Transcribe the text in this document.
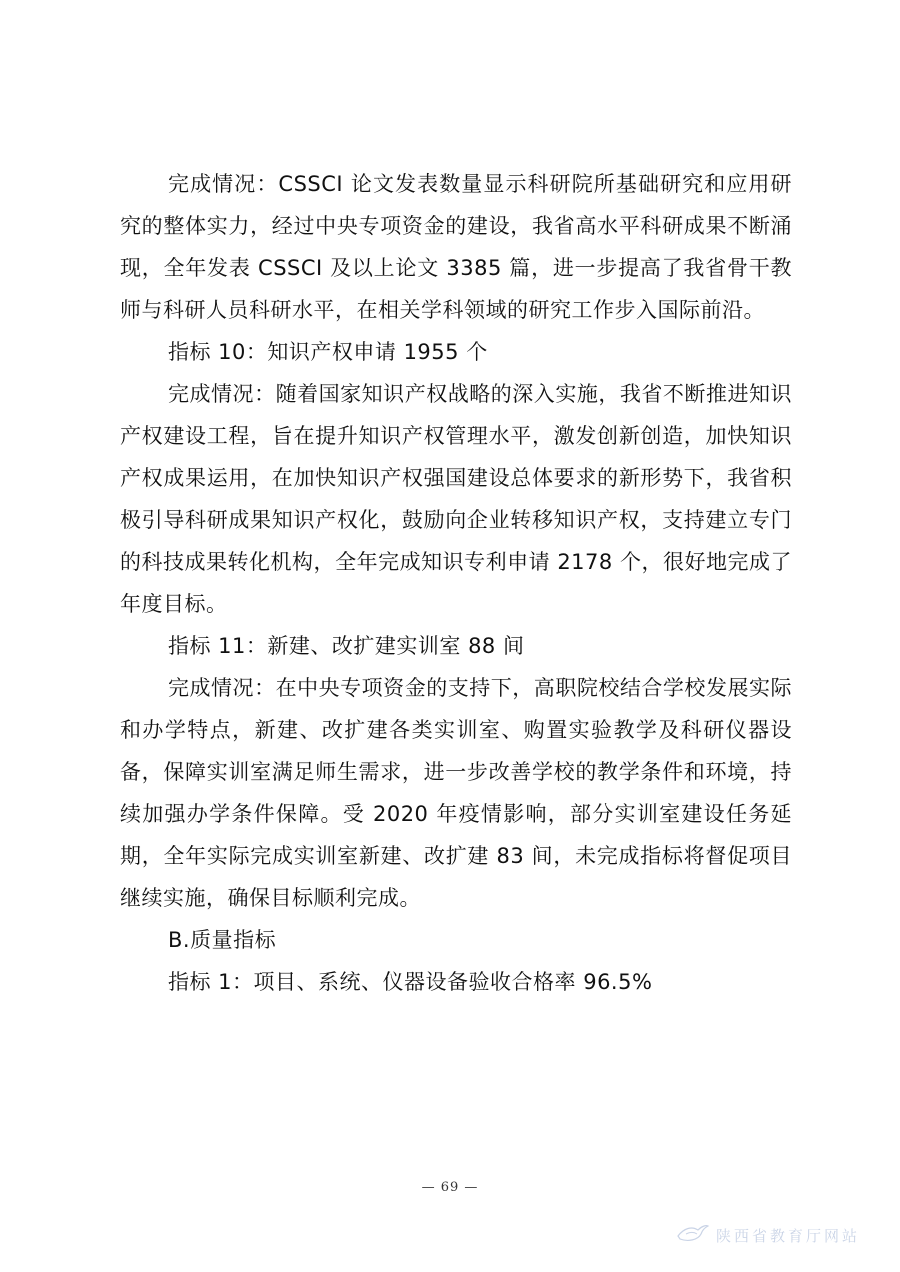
完成情况：CSSCI 论文发表数量显示科研院所基础研究和应用研究的整体实力，经过中央专项资金的建设，我省高水平科研成果不断涌现，全年发表 CSSCI 及以上论文 3385 篇，进一步提高了我省骨干教师与科研人员科研水平，在相关学科领域的研究工作步入国际前沿。

指标 10：知识产权申请 1955 个

完成情况：随着国家知识产权战略的深入实施，我省不断推进知识产权建设工程，旨在提升知识产权管理水平，激发创新创造，加快知识产权成果运用，在加快知识产权强国建设总体要求的新形势下，我省积极引导科研成果知识产权化，鼓励向企业转移知识产权，支持建立专门的科技成果转化机构，全年完成知识专利申请 2178 个，很好地完成了年度目标。

指标 11：新建、改扩建实训室 88 间

完成情况：在中央专项资金的支持下，高职院校结合学校发展实际和办学特点，新建、改扩建各类实训室、购置实验教学及科研仪器设备，保障实训室满足师生需求，进一步改善学校的教学条件和环境，持续加强办学条件保障。受 2020 年疫情影响，部分实训室建设任务延期，全年实际完成实训室新建、改扩建 83 间，未完成指标将督促项目继续实施，确保目标顺利完成。

B.质量指标

指标 1：项目、系统、仪器设备验收合格率 96.5%

— 69 —
陕西省教育厅网站
